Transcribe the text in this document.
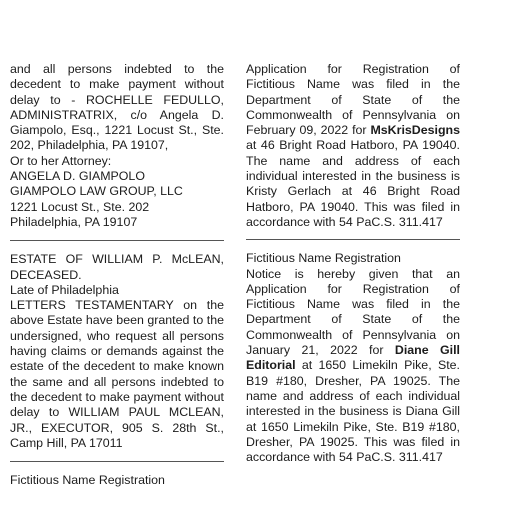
and all persons indebted to the decedent to make payment without delay to - ROCHELLE FEDULLO, ADMINISTRATRIX, c/o Angela D. Giampolo, Esq., 1221 Locust St., Ste. 202, Philadelphia, PA 19107,
Or to her Attorney:
ANGELA D. GIAMPOLO
GIAMPOLO LAW GROUP, LLC
1221 Locust St., Ste. 202
Philadelphia, PA 19107
ESTATE OF WILLIAM P. McLEAN, DECEASED.
Late of Philadelphia
LETTERS TESTAMENTARY on the above Estate have been granted to the undersigned, who request all persons having claims or demands against the estate of the decedent to make known the same and all persons indebted to the decedent to make payment without delay to WILLIAM PAUL MCLEAN, JR., EXECUTOR, 905 S. 28th St., Camp Hill, PA 17011
Fictitious Name Registration
Application for Registration of Fictitious Name was filed in the Department of State of the Commonwealth of Pennsylvania on February 09, 2022 for MsKrisDesigns at 46 Bright Road Hatboro, PA 19040. The name and address of each individual interested in the business is Kristy Gerlach at 46 Bright Road Hatboro, PA 19040. This was filed in accordance with 54 PaC.S. 311.417
Fictitious Name Registration
Notice is hereby given that an Application for Registration of Fictitious Name was filed in the Department of State of the Commonwealth of Pennsylvania on January 21, 2022 for Diane Gill Editorial at 1650 Limekiln Pike, Ste. B19 #180, Dresher, PA 19025. The name and address of each individual interested in the business is Diana Gill at 1650 Limekiln Pike, Ste. B19 #180, Dresher, PA 19025. This was filed in accordance with 54 PaC.S. 311.417
